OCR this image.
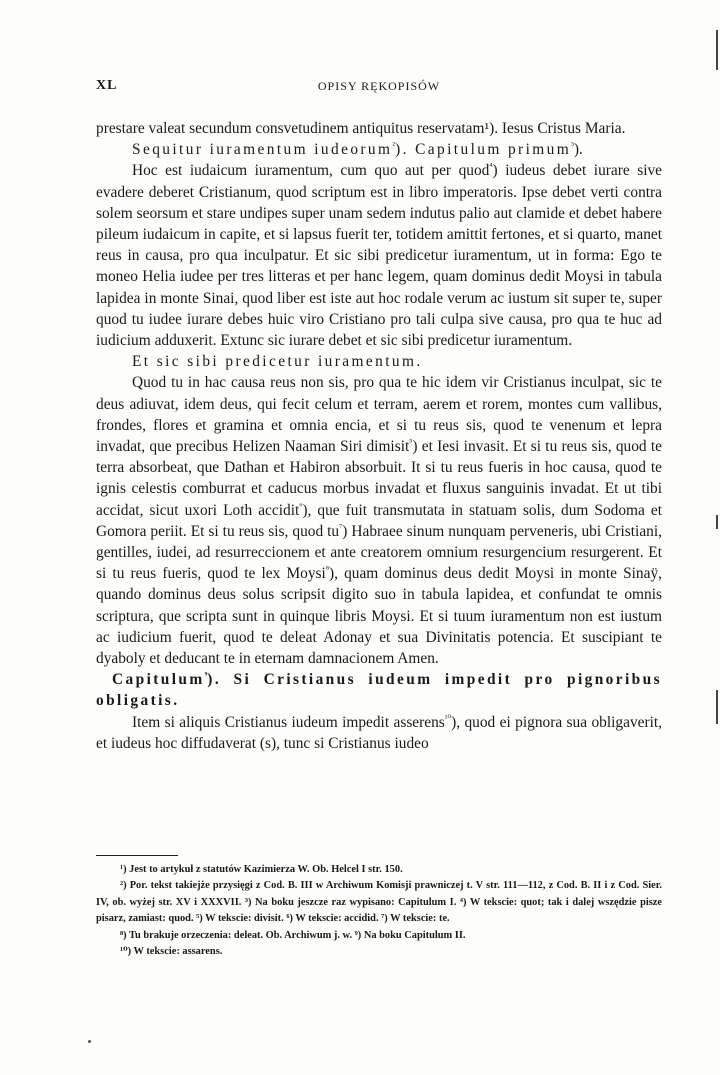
XL	OPISY RĘKOPISÓW

prestare valeat secundum consvetudinem antiquitus reservatam¹). Iesus Cristus Maria.

Sequitur iuramentum iudeorum$^{^2}$). Capitulum primum$^{^3}$).

Hoc est iudaicum iuramentum, cum quo aut per quod$^{^4}$) iudeus debet iurare sive evadere deberet Cristianum, quod scriptum est in libro imperatoris. Ipse debet verti contra solem seorsum et stare undipes super unam sedem indutus palio aut clamide et debet habere pileum iudaicum in capite, et si lapsus fuerit ter, totidem amittit fertones, et si quarto, manet reus in causa, pro qua inculpatur. Et sic sibi predicetur iuramentum, ut in forma: Ego te moneo Helia iudee per tres litteras et per hanc legem, quam dominus dedit Moysi in tabula lapidea in monte Sinai, quod liber est iste aut hoc rodale verum ac iustum sit super te, super quod tu iudee iurare debes huic viro Cristiano pro tali culpa sive causa, pro qua te huc ad iudicium adduxerit. Extunc sic iurare debet et sic sibi predicetur iuramentum.

Et sic sibi predicetur iuramentum.

Quod tu in hac causa reus non sis, pro qua te hic idem vir Cristianus inculpat, sic te deus adiuvat, idem deus, qui fecit celum et terram, aerem et rorem, montes cum vallibus, frondes, flores et gramina et omnia encia, et si tu reus sis, quod te venenum et lepra invadat, que precibus Helizen Naaman Siri dimisit$^{^5}$) et Iesi invasit. Et si tu reus sis, quod te terra absorbeat, que Dathan et Habiron absorbuit. It si tu reus fueris in hoc causa, quod te ignis celestis comburrat et caducus morbus invadat et fluxus sanguinis invadat. Et ut tibi accidat, sicut uxori Loth accidit$^{^6}$), que fuit transmutata in statuam solis, dum Sodoma et Gomora periit. Et si tu reus sis, quod $tu^{^7}$) Habraee sinum nunquam perveneris, ubi Cristiani, gentilles, iudei, ad resurreccionem et ante creatorem omnium resurgencium resurgerent. Et si tu reus fueris, quod te lex Moysi$^{^8}$), quam dominus deus dedit Moysi in monte Sinaÿ, quando dominus deus solus scripsit digito suo in tabula lapidea, et confundat te omnis scriptura, que scripta sunt in quinque libris Moysi. Et si tuum iuramentum non est iustum ac iudicium fuerit, quod te deleat Adonay et sua Divinitatis potencia. Et suscipiant te dyaboly et deducant te in eternam damnacionem Amen.

Capitulum$^{^9}$). Si Cristianus iudeum impedit pro pignoribus obligatis.

Item si aliquis Cristianus iudeum impedit asserens$^{^{10}}$), quod ei pignora sua obligaverit, et iudeus hoc diffudaverat (s), tunc si Cristianus iudeo

¹) Jest to artykuł z statutów Kazimierza W. Ob. Helcel I str. 150.

²) Por. tekst takiejże przysięgi z Cod. B. III w Archiwum Komisji prawniczej t. V str. 111—112, z Cod. B. II i z Cod. Sier. IV, ob. wyżej str. XV i XXXVII. ³) Na boku jeszcze raz wypisano: Capitulum I. ⁴) W tekscie: quot; tak i dalej wszędzie pisze pisarz, zamiast: quod. ⁵) W tekscie: divisit. ⁶) W tekscie: accidid. ⁷) W tekscie: te.

⁸) Tu brakuje orzeczenia: deleat. Ob. Archiwum j. w. ⁹) Na boku Capitulum II.

¹⁰) W tekscie: assarens.
